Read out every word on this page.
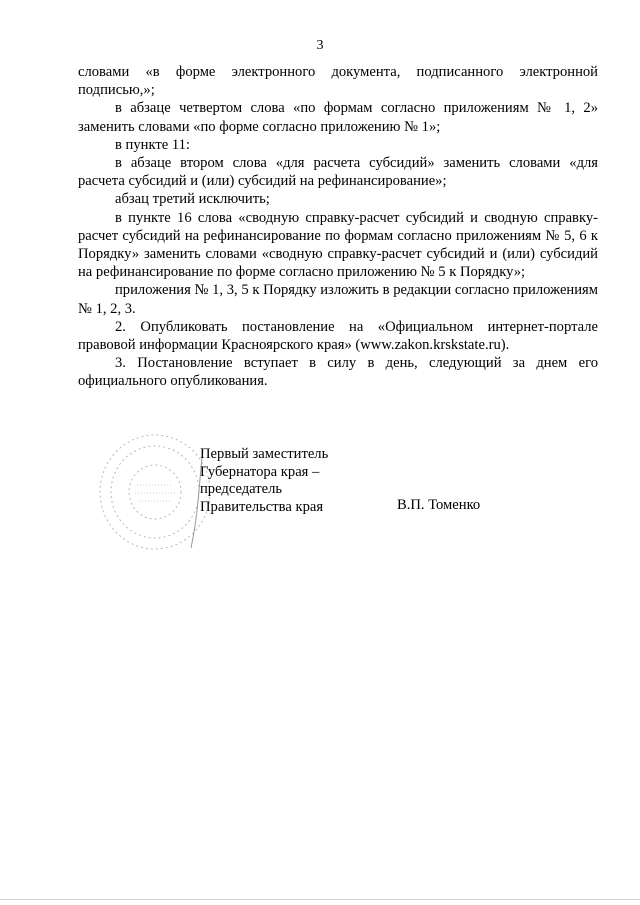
3

словами «в форме электронного документа, подписанного электронной подписью,»;

в абзаце четвертом слова «по формам согласно приложениям № 1, 2» заменить словами «по форме согласно приложению № 1»;

в пункте 11:

в абзаце втором слова «для расчета субсидий» заменить словами «для расчета субсидий и (или) субсидий на рефинансирование»;

абзац третий исключить;

в пункте 16 слова «сводную справку-расчет субсидий и сводную справку-расчет субсидий на рефинансирование по формам согласно приложениям № 5, 6 к Порядку» заменить словами «сводную справку-расчет субсидий и (или) субсидий на рефинансирование по форме согласно приложению № 5 к Порядку»;

приложения № 1, 3, 5 к Порядку изложить в редакции согласно приложениям № 1, 2, 3.

2. Опубликовать постановление на «Официальном интернет-портале правовой информации Красноярского края» (www.zakon.krskstate.ru).

3. Постановление вступает в силу в день, следующий за днем его официального опубликования.

Первый заместитель
Губернатора края –
председатель
Правительства края	В.П. Томенко
